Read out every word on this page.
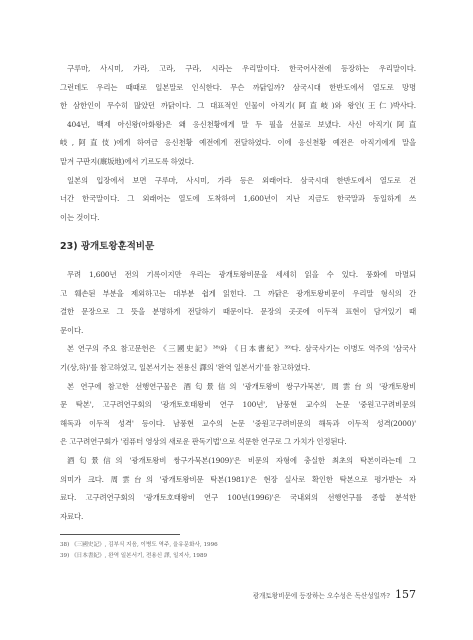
구루마, 사시미, 가라, 고라, 구라, 시라는 우리말이다. 한국어사전에 등장하는 우리말이다.

그런데도 우리는 때때로 일본말로 인식한다. 무슨 까닭일까? 삼국시대 한반도에서 열도로 망명

한 삼한인이 무수히 많았던 까닭이다. 그 대표적인 인물이 아직기(阿直岐)와 왕인(王仁)박사다.

404년, 백제 아신왕(아화왕)은 왜 응신천황에게 말 두 필을 선물로 보냈다. 사신 아직기(阿直

岐,阿直伎)에게 하여금 응신천황 예전에게 전달하였다. 이에 응신천황 예전은 아직기에게 말을

맡겨 구판지(廐坂地)에서 기르도록 하였다.

일본의 입장에서 보면 구루마, 사시미, 가라 등은 외래어다. 삼국시대 한반도에서 열도로 건

너간 한국말이다. 그 외래어는 열도에 도착하여 1,600년이 지난 지금도 한국말과 동일하게 쓰

이는 것이다.

23) 광개토왕훈적비문

무려 1,600년 전의 기록이지만 우리는 광개토왕비문을 세세히 읽을 수 있다. 풍화에 마멸되

고 훼손된 부분을 제외하고는 대부분 쉽게 읽힌다. 그 까닭은 광개토왕비문이 우리말 형식의 간

결한 문장으로 그 뜻을 분명하게 전달하기 때문이다. 문장의 곳곳에 이두적 표현이 담겨있기 때

문이다.

본 연구의 주요 참고문헌은 《三國史記》³⁸⁾와 《日本書紀》³⁹⁾다. 삼국사기는 이병도 역주의 '삼국사

기(상,하)'를 참고하였고, 일본서기는 전용신 譯의 '완역 일본서기'를 참고하였다.

본 연구에 참고한 선행연구물은 酒匂景信의 '광개토왕비 쌍구가묵본', 周雲台의 '광개토왕비

문 탁본', 고구려연구회의 '광개토호태왕비 연구 100년', 남풍현 교수의 논문 '중원고구려비문의

해독과 이두적 성격' 등이다. 남풍현 교수의 논문 '중원고구려비문의 해독과 이두적 성격(2000)'

은 고구려연구회가 '컴퓨터 영상의 새로운 판독기법'으로 석문한 연구로 그 가치가 인정된다.

酒匂景信의 '광개토왕비 쌍구가묵본(1909)'은 비문의 자형에 충실한 최초의 탁본이라는데 그

의미가 크다. 周雲台의 '광개토왕비문 탁본(1981)'은 현장 실사로 확인한 탁본으로 평가받는 자

료다. 고구려연구회의 '광개토호태왕비 연구 100년(1996)'은 국내외의 선행연구를 종합 분석한

자료다.

38) 《三國史記》, 김부식 지음, 이병도 역주, 을유문화사, 1996

39) 《日本書紀》, 완역 일본서기, 전용신 譯, 일지사, 1989

광개토왕비문에 등장하는 오수성은 독산성일까? 157
